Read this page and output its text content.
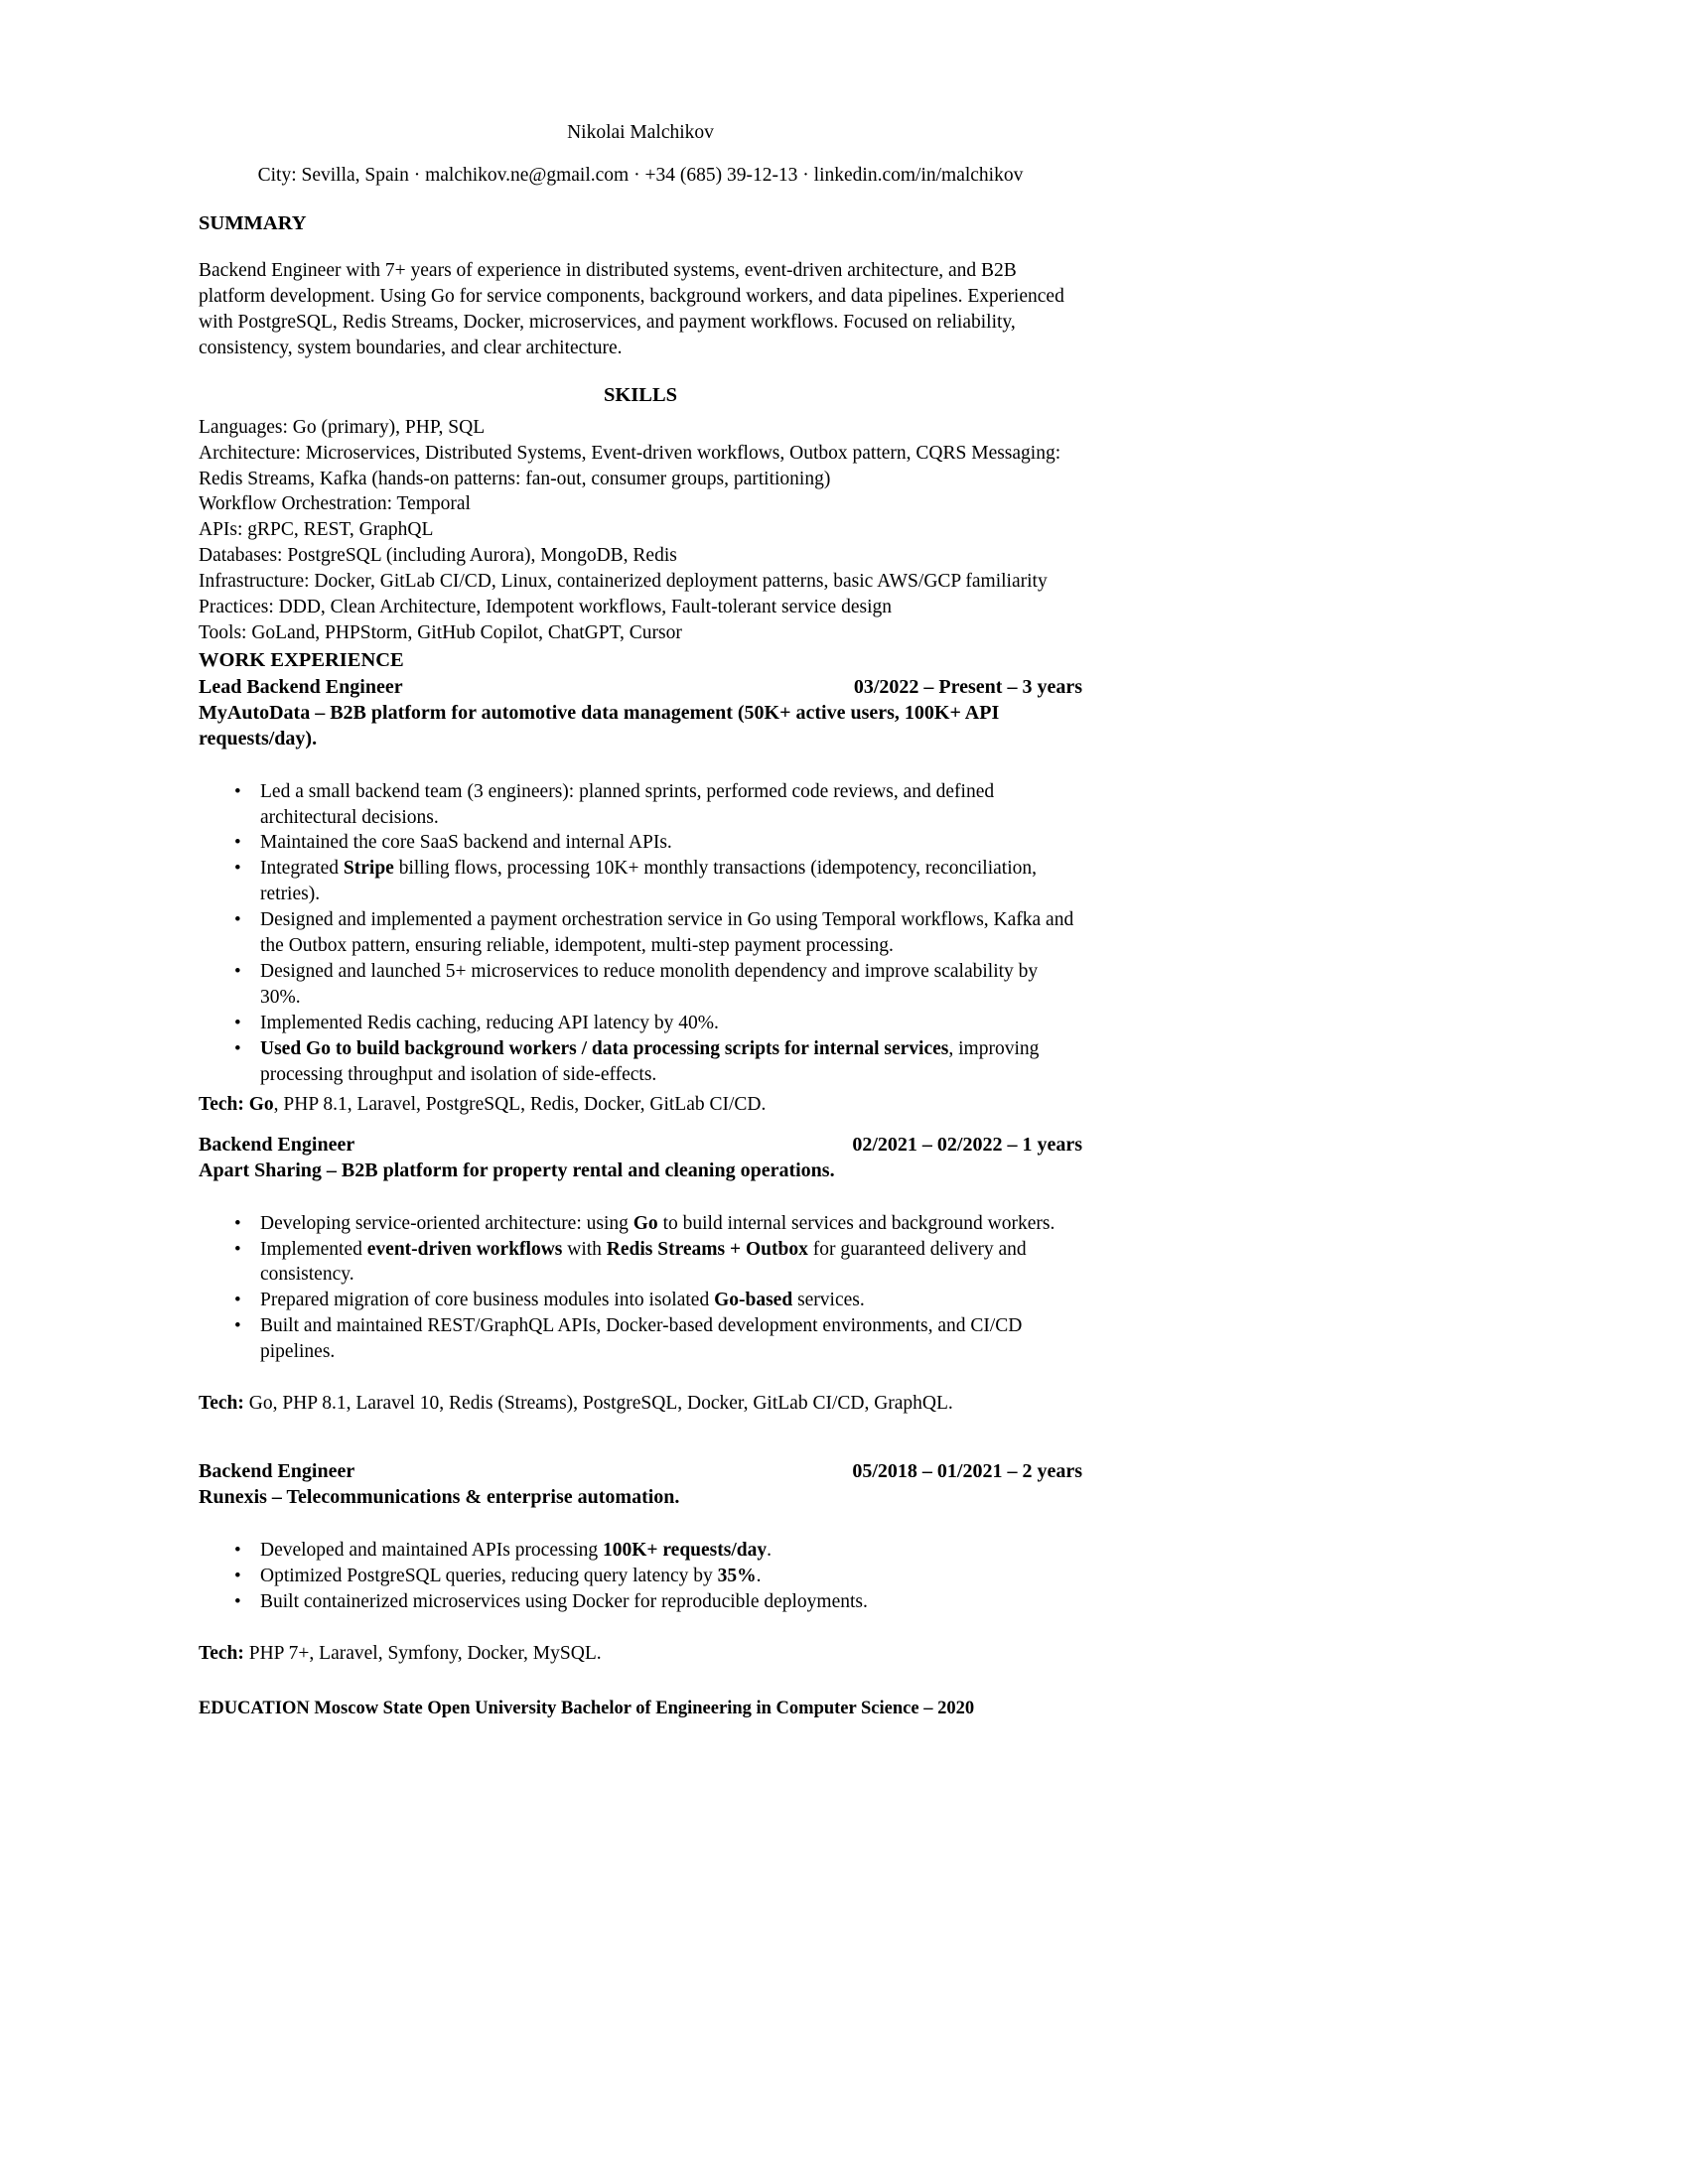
Nikolai Malchikov
City: Sevilla, Spain · malchikov.ne@gmail.com · +34 (685) 39-12-13 · linkedin.com/in/malchikov
SUMMARY
Backend Engineer with 7+ years of experience in distributed systems, event-driven architecture, and B2B platform development. Using Go for service components, background workers, and data pipelines. Experienced with PostgreSQL, Redis Streams, Docker, microservices, and payment workflows. Focused on reliability, consistency, system boundaries, and clear architecture.
SKILLS
Languages: Go (primary), PHP, SQL
Architecture: Microservices, Distributed Systems, Event-driven workflows, Outbox pattern, CQRS Messaging:
Redis Streams, Kafka (hands-on patterns: fan-out, consumer groups, partitioning)
Workflow Orchestration: Temporal
APIs: gRPC, REST, GraphQL
Databases: PostgreSQL (including Aurora), MongoDB, Redis
Infrastructure: Docker, GitLab CI/CD, Linux, containerized deployment patterns, basic AWS/GCP familiarity
Practices: DDD, Clean Architecture, Idempotent workflows, Fault-tolerant service design
Tools: GoLand, PHPStorm, GitHub Copilot, ChatGPT, Cursor
WORK EXPERIENCE
Lead Backend Engineer	03/2022 – Present – 3 years
MyAutoData – B2B platform for automotive data management (50K+ active users, 100K+ API requests/day).
• Led a small backend team (3 engineers): planned sprints, performed code reviews, and defined architectural decisions.
• Maintained the core SaaS backend and internal APIs.
• Integrated Stripe billing flows, processing 10K+ monthly transactions (idempotency, reconciliation, retries).
• Designed and implemented a payment orchestration service in Go using Temporal workflows, Kafka and the Outbox pattern, ensuring reliable, idempotent, multi-step payment processing.
• Designed and launched 5+ microservices to reduce monolith dependency and improve scalability by 30%.
• Implemented Redis caching, reducing API latency by 40%.
• Used Go to build background workers / data processing scripts for internal services, improving processing throughput and isolation of side-effects.
Tech: Go, PHP 8.1, Laravel, PostgreSQL, Redis, Docker, GitLab CI/CD.
Backend Engineer	02/2021 – 02/2022 – 1 years
Apart Sharing – B2B platform for property rental and cleaning operations.
• Developing service-oriented architecture: using Go to build internal services and background workers.
• Implemented event-driven workflows with Redis Streams + Outbox for guaranteed delivery and consistency.
• Prepared migration of core business modules into isolated Go-based services.
• Built and maintained REST/GraphQL APIs, Docker-based development environments, and CI/CD pipelines.
Tech: Go, PHP 8.1, Laravel 10, Redis (Streams), PostgreSQL, Docker, GitLab CI/CD, GraphQL.
Backend Engineer	05/2018 – 01/2021 – 2 years
Runexis – Telecommunications & enterprise automation.
• Developed and maintained APIs processing 100K+ requests/day.
• Optimized PostgreSQL queries, reducing query latency by 35%.
• Built containerized microservices using Docker for reproducible deployments.
Tech: PHP 7+, Laravel, Symfony, Docker, MySQL.
EDUCATION Moscow State Open University Bachelor of Engineering in Computer Science – 2020
